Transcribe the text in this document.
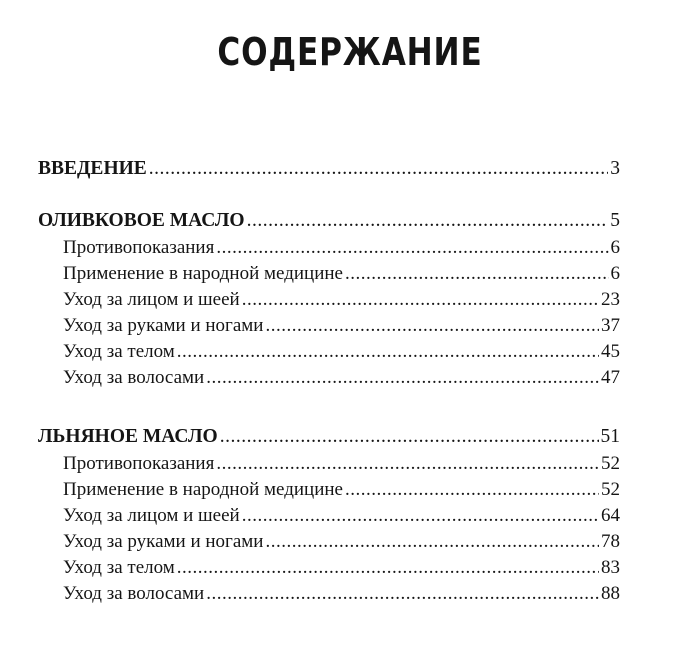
СОДЕРЖАНИЕ
ВВЕДЕНИЕ .....	3
ОЛИВКОВОЕ МАСЛО .....	5
Противопоказания .....	6
Применение в народной медицине .....	6
Уход за лицом и шеей .....	23
Уход за руками и ногами .....	37
Уход за телом .....	45
Уход за волосами .....	47
ЛЬНЯНОЕ МАСЛО .....	51
Противопоказания .....	52
Применение в народной медицине .....	52
Уход за лицом и шеей .....	64
Уход за руками и ногами .....	78
Уход за телом .....	83
Уход за волосами .....	88
